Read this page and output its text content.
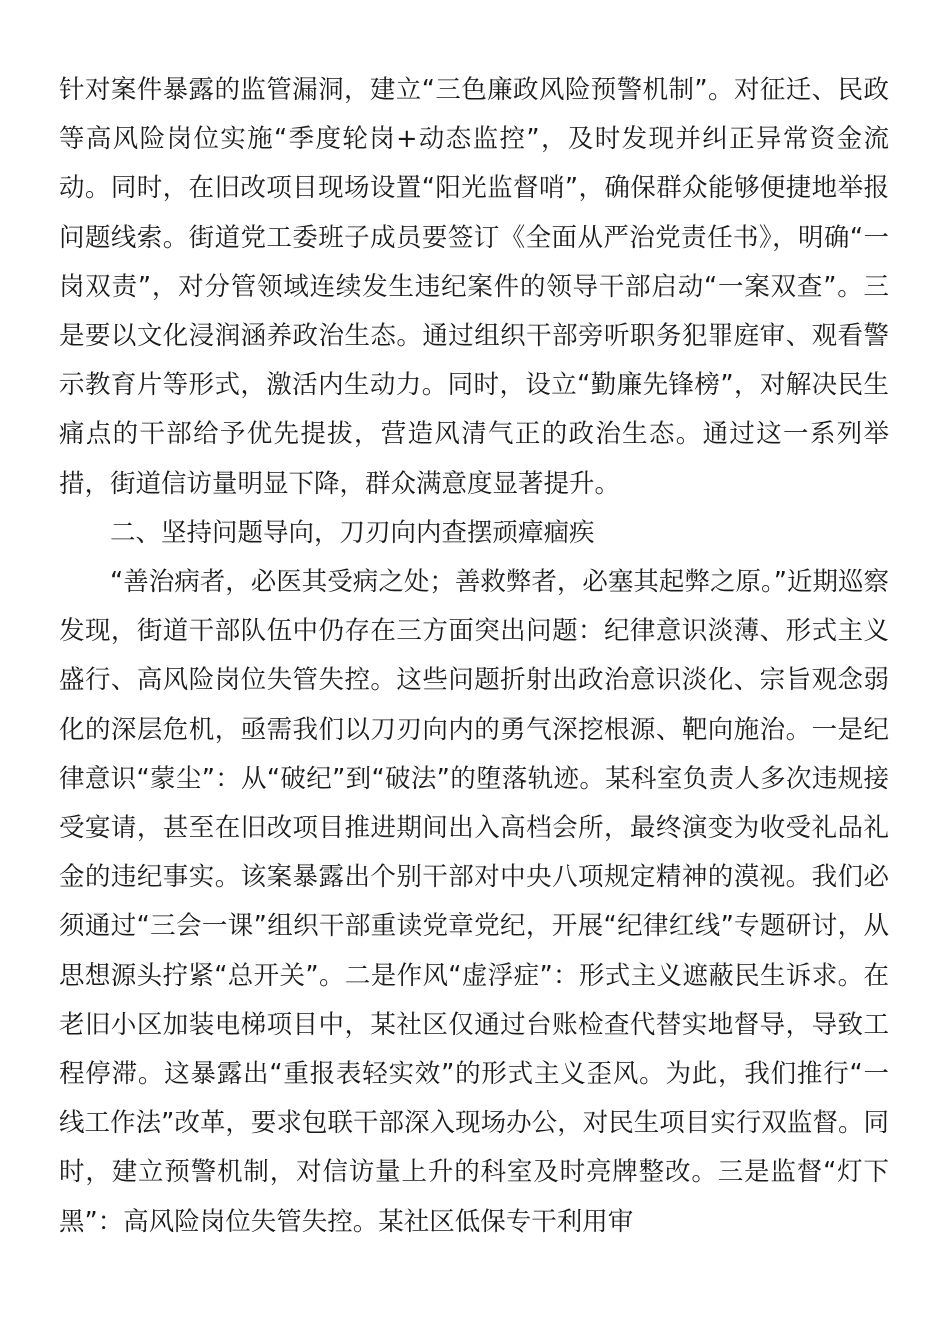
针对案件暴露的监管漏洞，建立“三色廉政风险预警机制”。对征迁、民政等高风险岗位实施“季度轮岗+动态监控”，及时发现并纠正异常资金流动。同时，在旧改项目现场设置“阳光监督哨”，确保群众能够便捷地举报问题线索。街道党工委班子成员要签订《全面从严治党责任书》，明确“一岗双责”，对分管领域连续发生违纪案件的领导干部启动“一案双查”。三是要以文化浸润涵养政治生态。通过组织干部旁听职务犯罪庭审、观看警示教育片等形式，激活内生动力。同时，设立“勤廉先锋榜”，对解决民生痛点的干部给予优先提拔，营造风清气正的政治生态。通过这一系列举措，街道信访量明显下降，群众满意度显著提升。

二、坚持问题导向，刀刃向内查摆顽瘴痼疾

“善治病者，必医其受病之处；善救弊者，必塞其起弊之原。”近期巡察发现，街道干部队伍中仍存在三方面突出问题：纪律意识淡薄、形式主义盛行、高风险岗位失管失控。这些问题折射出政治意识淡化、宗旨观念弱化的深层危机，亟需我们以刀刃向内的勇气深挖根源、靶向施治。一是纪律意识“蒙尘”：从“破纪”到“破法”的堕落轨迹。某科室负责人多次违规接受宴请，甚至在旧改项目推进期间出入高档会所，最终演变为收受礼品礼金的违纪事实。该案暴露出个别干部对中央八项规定精神的漠视。我们必须通过“三会一课”组织干部重读党章党纪，开展“纪律红线”专题研讨，从思想源头拧紧“总开关”。二是作风“虚浮症”：形式主义遮蔽民生诉求。在老旧小区加装电梯项目中，某社区仅通过台账检查代替实地督导，导致工程停滞。这暴露出“重报表轻实效”的形式主义歪风。为此，我们推行“一线工作法”改革，要求包联干部深入现场办公，对民生项目实行双监督。同时，建立预警机制，对信访量上升的科室及时亮牌整改。三是监督“灯下黑”：高风险岗位失管失控。某社区低保专干利用审
